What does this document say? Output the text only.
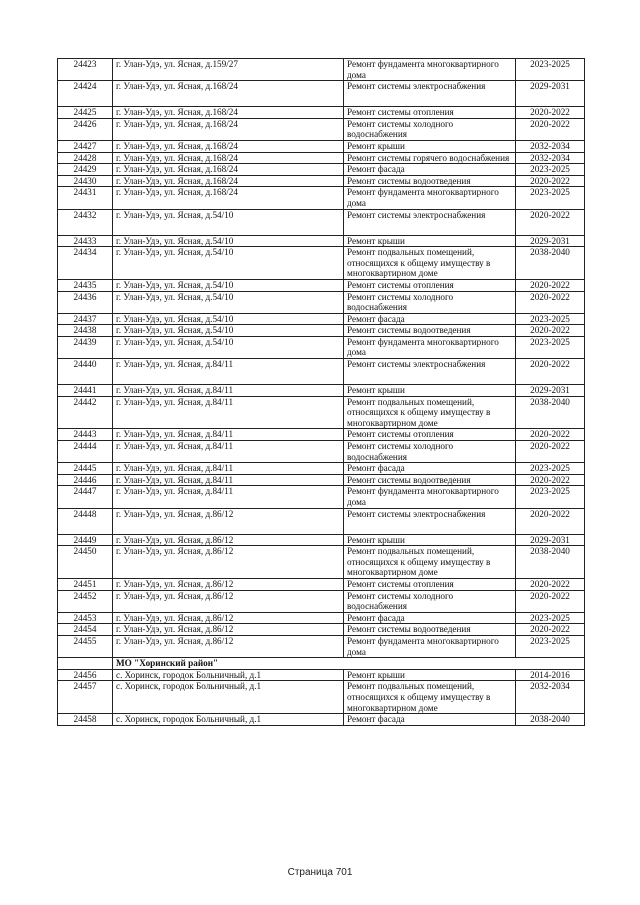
24423	г. Улан-Удэ, ул. Ясная, д.159/27	Ремонт фундамента многоквартирного дома	2023-2025
24424	г. Улан-Удэ, ул. Ясная, д.168/24	Ремонт системы электроснабжения	2029-2031
24425	г. Улан-Удэ, ул. Ясная, д.168/24	Ремонт системы отопления	2020-2022
24426	г. Улан-Удэ, ул. Ясная, д.168/24	Ремонт системы холодного водоснабжения	2020-2022
24427	г. Улан-Удэ, ул. Ясная, д.168/24	Ремонт крыши	2032-2034
24428	г. Улан-Удэ, ул. Ясная, д.168/24	Ремонт системы горячего водоснабжения	2032-2034
24429	г. Улан-Удэ, ул. Ясная, д.168/24	Ремонт фасада	2023-2025
24430	г. Улан-Удэ, ул. Ясная, д.168/24	Ремонт системы водоотведения	2020-2022
24431	г. Улан-Удэ, ул. Ясная, д.168/24	Ремонт фундамента многоквартирного дома	2023-2025
24432	г. Улан-Удэ, ул. Ясная, д.54/10	Ремонт системы электроснабжения	2020-2022
24433	г. Улан-Удэ, ул. Ясная, д.54/10	Ремонт крыши	2029-2031
24434	г. Улан-Удэ, ул. Ясная, д.54/10	Ремонт подвальных помещений, относящихся к общему имуществу в многоквартирном доме	2038-2040
24435	г. Улан-Удэ, ул. Ясная, д.54/10	Ремонт системы отопления	2020-2022
24436	г. Улан-Удэ, ул. Ясная, д.54/10	Ремонт системы холодного водоснабжения	2020-2022
24437	г. Улан-Удэ, ул. Ясная, д.54/10	Ремонт фасада	2023-2025
24438	г. Улан-Удэ, ул. Ясная, д.54/10	Ремонт системы водоотведения	2020-2022
24439	г. Улан-Удэ, ул. Ясная, д.54/10	Ремонт фундамента многоквартирного дома	2023-2025
24440	г. Улан-Удэ, ул. Ясная, д.84/11	Ремонт системы электроснабжения	2020-2022
24441	г. Улан-Удэ, ул. Ясная, д.84/11	Ремонт крыши	2029-2031
24442	г. Улан-Удэ, ул. Ясная, д.84/11	Ремонт подвальных помещений, относящихся к общему имуществу в многоквартирном доме	2038-2040
24443	г. Улан-Удэ, ул. Ясная, д.84/11	Ремонт системы отопления	2020-2022
24444	г. Улан-Удэ, ул. Ясная, д.84/11	Ремонт системы холодного водоснабжения	2020-2022
24445	г. Улан-Удэ, ул. Ясная, д.84/11	Ремонт фасада	2023-2025
24446	г. Улан-Удэ, ул. Ясная, д.84/11	Ремонт системы водоотведения	2020-2022
24447	г. Улан-Удэ, ул. Ясная, д.84/11	Ремонт фундамента многоквартирного дома	2023-2025
24448	г. Улан-Удэ, ул. Ясная, д.86/12	Ремонт системы электроснабжения	2020-2022
24449	г. Улан-Удэ, ул. Ясная, д.86/12	Ремонт крыши	2029-2031
24450	г. Улан-Удэ, ул. Ясная, д.86/12	Ремонт подвальных помещений, относящихся к общему имуществу в многоквартирном доме	2038-2040
24451	г. Улан-Удэ, ул. Ясная, д.86/12	Ремонт системы отопления	2020-2022
24452	г. Улан-Удэ, ул. Ясная, д.86/12	Ремонт системы холодного водоснабжения	2020-2022
24453	г. Улан-Удэ, ул. Ясная, д.86/12	Ремонт фасада	2023-2025
24454	г. Улан-Удэ, ул. Ясная, д.86/12	Ремонт системы водоотведения	2020-2022
24455	г. Улан-Удэ, ул. Ясная, д.86/12	Ремонт фундамента многоквартирного дома	2023-2025
	МО "Хоринский район"		
24456	с. Хоринск, городок Больничный, д.1	Ремонт крыши	2014-2016
24457	с. Хоринск, городок Больничный, д.1	Ремонт подвальных помещений, относящихся к общему имуществу в многоквартирном доме	2032-2034
24458	с. Хоринск, городок Больничный, д.1	Ремонт фасада	2038-2040
Страница 701
